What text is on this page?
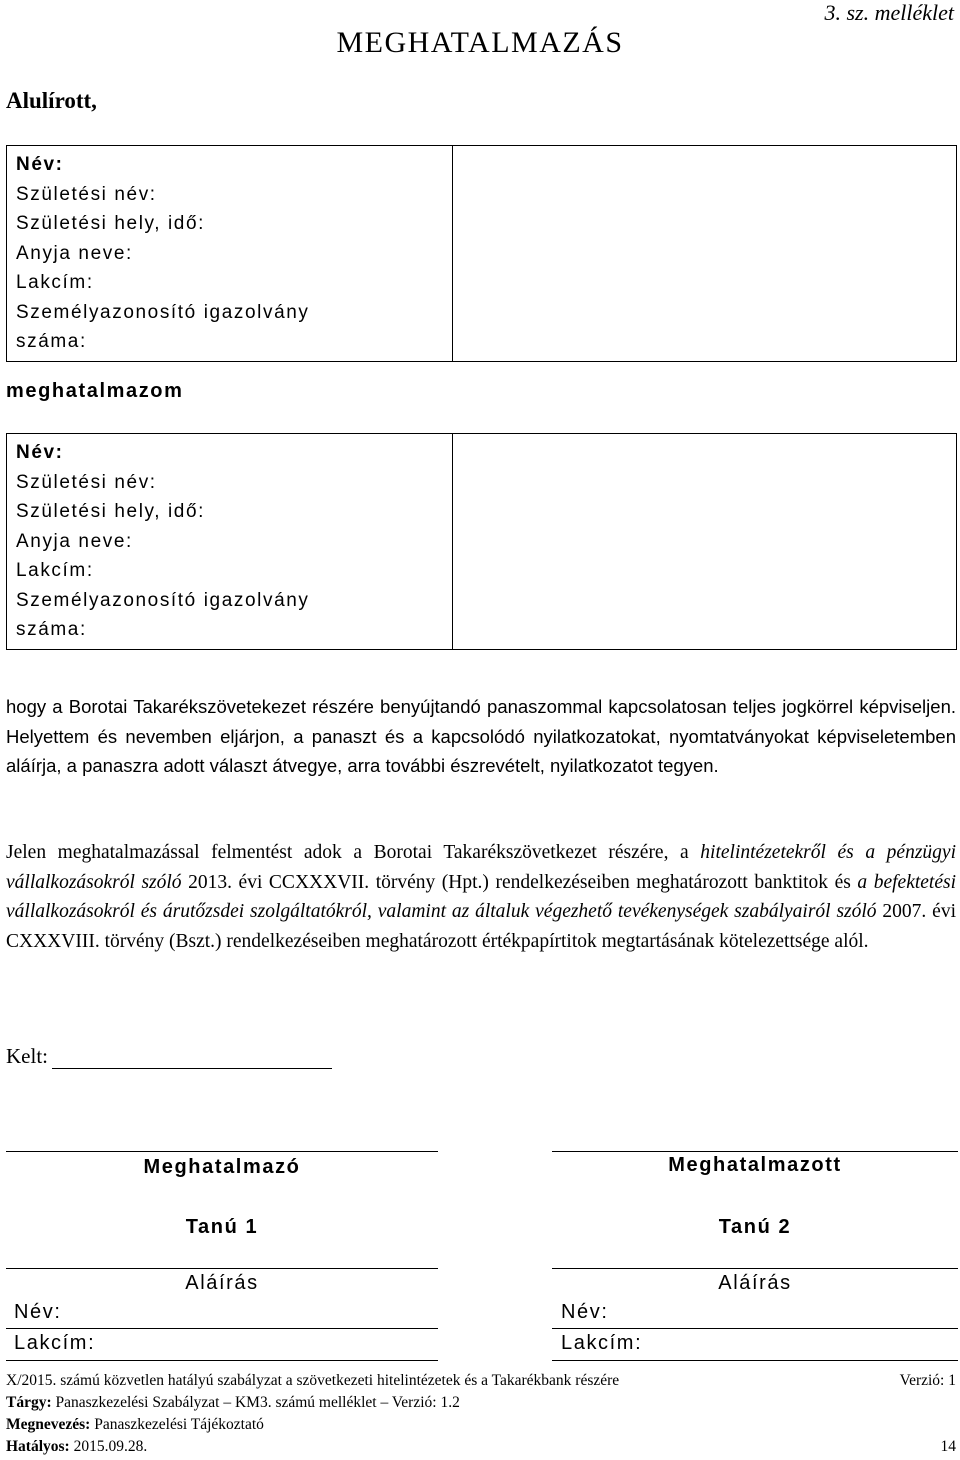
3. sz. melléklet
MEGHATALMAZÁS
Alulírott,
Név:
Születési név:
Születési hely, idő:
Anyja neve:
Lakcím:
Személyazonosító igazolvány
száma:

meghatalmazom
Név:
Születési név:
Születési hely, idő:
Anyja neve:
Lakcím:
Személyazonosító igazolvány
száma:

hogy a Borotai Takarékszövetekezet részére benyújtandó panaszommal kapcsolatosan teljes jogkörrel képviseljen. Helyettem és nevemben eljárjon, a panaszt és a kapcsolódó nyilatkozatokat, nyomtatványokat képviseletemben aláírja, a panaszra adott választ átvegye, arra további észrevételt, nyilatkozatot tegyen.
Jelen meghatalmazással felmentést adok a Borotai Takarékszövetkezet részére, a hitelintézetekről és a pénzügyi vállalkozásokról szóló 2013. évi CCXXXVII. törvény (Hpt.) rendelkezéseiben meghatározott banktitok és a befektetési vállalkozásokról és árutőzsdei szolgáltatókról, valamint az általuk végezhető tevékenységek szabályairól szóló 2007. évi CXXXVIII. törvény (Bszt.) rendelkezéseiben meghatározott értékpapírtitok megtartásának kötelezettsége alól.
Kelt:
Meghatalmazó	Meghatalmazott
Tanú 1	Tanú 2
Aláírás	Aláírás
Név:	Név:
Lakcím:	Lakcím:
X/2015. számú közvetlen hatályú szabályzat a szövetkezeti hitelintézetek és a Takarékbank részére	Verzió: 1
Tárgy: Panaszkezelési Szabályzat – KM3. számú melléklet – Verzió: 1.2
Megnevezés: Panaszkezelési Tájékoztató
Hatályos: 2015.09.28.	14
